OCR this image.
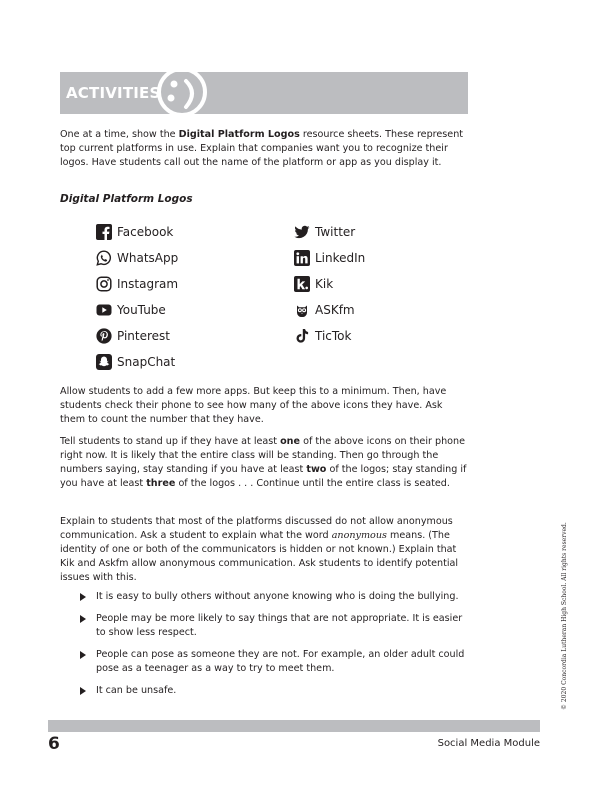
ACTIVITIES

One at a time, show the Digital Platform Logos resource sheets. These represent top current platforms in use. Explain that companies want you to recognize their logos. Have students call out the name of the platform or app as you display it.

Digital Platform Logos

Facebook
WhatsApp
Instagram
YouTube
Pinterest
SnapChat
Twitter
LinkedIn
Kik
ASKfm
TicTok

Allow students to add a few more apps. But keep this to a minimum. Then, have students check their phone to see how many of the above icons they have. Ask them to count the number that they have.

Tell students to stand up if they have at least one of the above icons on their phone right now. It is likely that the entire class will be standing. Then go through the numbers saying, stay standing if you have at least two of the logos; stay standing if you have at least three of the logos . . . Continue until the entire class is seated.

Explain to students that most of the platforms discussed do not allow anonymous communication. Ask a student to explain what the word anonymous means. (The identity of one or both of the communicators is hidden or not known.) Explain that Kik and Askfm allow anonymous communication. Ask students to identify potential issues with this.

It is easy to bully others without anyone knowing who is doing the bullying.
People may be more likely to say things that are not appropriate. It is easier to show less respect.
People can pose as someone they are not. For example, an older adult could pose as a teenager as a way to try to meet them.
It can be unsafe.	© 2020 Concordia Lutheran High School. All rights reserved.
6	Social Media Module
